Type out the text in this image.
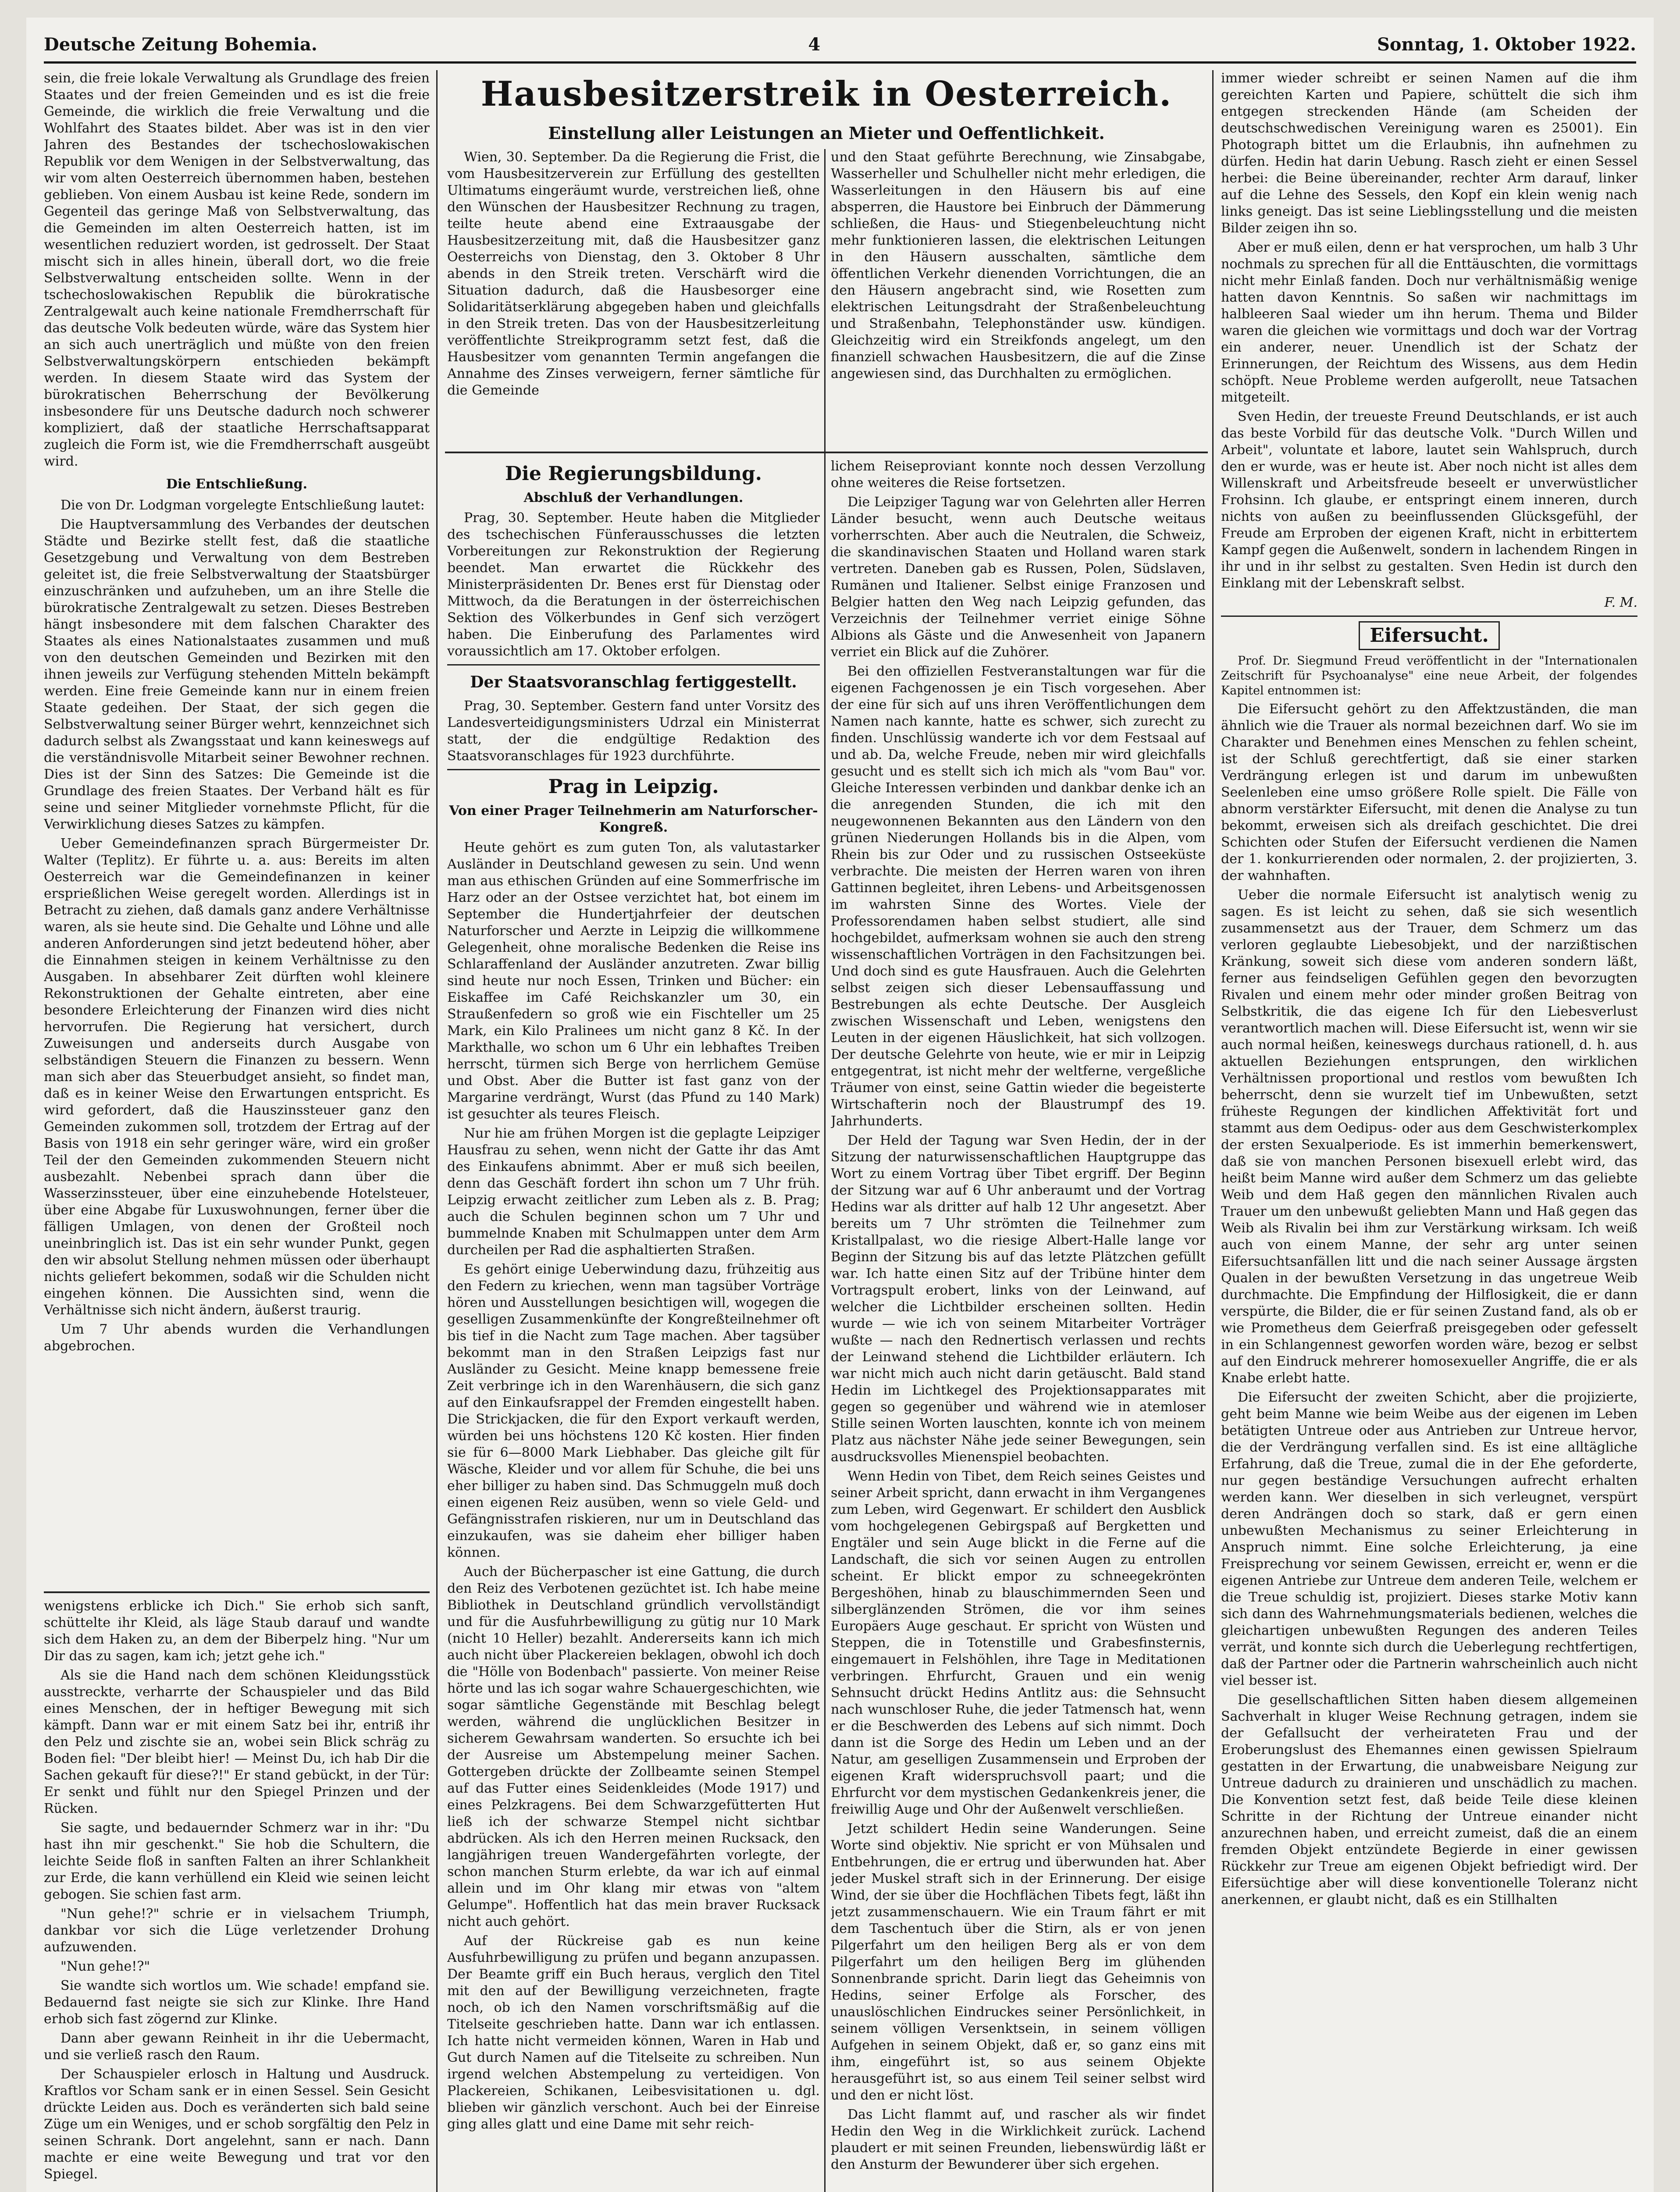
Deutsche Zeitung Bohemia.	4	Sonntag, 1. Oktober 1922.

sein, die freie lokale Verwaltung als Grundlage des freien Staates und der freien Gemeinden und es ist die freie Gemeinde, die wirklich die freie Verwaltung und die Wohlfahrt des Staates bildet. Aber was ist in den vier Jahren des Bestandes der tschechoslowakischen Republik vor dem Wenigen in der Selbstverwaltung, das wir vom alten Oesterreich übernommen haben, bestehen geblieben. Von einem Ausbau ist keine Rede, sondern im Gegenteil das geringe Maß von Selbstverwaltung, das die Gemeinden im alten Oesterreich hatten, ist im wesentlichen reduziert worden, ist gedrosselt. Der Staat mischt sich in alles hinein, überall dort, wo die freie Selbstverwaltung entscheiden sollte. Wenn in der tschechoslowakischen Republik die bürokratische Zentralgewalt auch keine nationale Fremdherrschaft für das deutsche Volk bedeuten würde, wäre das System hier an sich auch unerträglich und müßte von den freien Selbstverwaltungskörpern entschieden bekämpft werden. In diesem Staate wird das System der bürokratischen Beherrschung der Bevölkerung insbesondere für uns Deutsche dadurch noch schwerer kompliziert, daß der staatliche Herrschaftsapparat zugleich die Form ist, wie die Fremdherrschaft ausgeübt wird.

Die Entschließung.

Die von Dr. Lodgman vorgelegte Entschließung lautet:

Die Hauptversammlung des Verbandes der deutschen Städte und Bezirke stellt fest, daß die staatliche Gesetzgebung und Verwaltung von dem Bestreben geleitet ist, die freie Selbstverwaltung der Staatsbürger einzuschränken und aufzuheben, um an ihre Stelle die bürokratische Zentralgewalt zu setzen. Dieses Bestreben hängt insbesondere mit dem falschen Charakter des Staates als eines Nationalstaates zusammen und muß von den deutschen Gemeinden und Bezirken mit den ihnen jeweils zur Verfügung stehenden Mitteln bekämpft werden. Eine freie Gemeinde kann nur in einem freien Staate gedeihen. Der Staat, der sich gegen die Selbstverwaltung seiner Bürger wehrt, kennzeichnet sich dadurch selbst als Zwangsstaat und kann keineswegs auf die verständnisvolle Mitarbeit seiner Bewohner rechnen. Dies ist der Sinn des Satzes: Die Gemeinde ist die Grundlage des freien Staates. Der Verband hält es für seine und seiner Mitglieder vornehmste Pflicht, für die Verwirklichung dieses Satzes zu kämpfen.

Ueber Gemeindefinanzen sprach Bürgermeister Dr. Walter (Teplitz). Er führte u. a. aus: Bereits im alten Oesterreich war die Gemeindefinanzen in keiner ersprießlichen Weise geregelt worden. Allerdings ist in Betracht zu ziehen, daß damals ganz andere Verhältnisse waren, als sie heute sind. Die Gehalte und Löhne und alle anderen Anforderungen sind jetzt bedeutend höher, aber die Einnahmen steigen in keinem Verhältnisse zu den Ausgaben. In absehbarer Zeit dürften wohl kleinere Rekonstruktionen der Gehalte eintreten, aber eine besondere Erleichterung der Finanzen wird dies nicht hervorrufen. Die Regierung hat versichert, durch Zuweisungen und anderseits durch Ausgabe von selbständigen Steuern die Finanzen zu bessern. Wenn man sich aber das Steuerbudget ansieht, so findet man, daß es in keiner Weise den Erwartungen entspricht. Es wird gefordert, daß die Hauszinssteuer ganz den Gemeinden zukommen soll, trotzdem der Ertrag auf der Basis von 1918 ein sehr geringer wäre, wird ein großer Teil der den Gemeinden zukommenden Steuern nicht ausbezahlt. Nebenbei sprach dann über die Wasserzinssteuer, über eine einzuhebende Hotelsteuer, über eine Abgabe für Luxuswohnungen, ferner über die fälligen Umlagen, von denen der Großteil noch uneinbringlich ist. Das ist ein sehr wunder Punkt, gegen den wir absolut Stellung nehmen müssen oder überhaupt nichts geliefert bekommen, sodaß wir die Schulden nicht eingehen können. Die Aussichten sind, wenn die Verhältnisse sich nicht ändern, äußerst traurig.

Um 7 Uhr abends wurden die Verhandlungen abgebrochen.

wenigstens erblicke ich Dich." Sie erhob sich sanft, schüttelte ihr Kleid, als läge Staub darauf und wandte sich dem Haken zu, an dem der Biberpelz hing. "Nur um Dir das zu sagen, kam ich; jetzt gehe ich."

Als sie die Hand nach dem schönen Kleidungsstück ausstreckte, verharrte der Schauspieler und das Bild eines Menschen, der in heftiger Bewegung mit sich kämpft. Dann war er mit einem Satz bei ihr, entriß ihr den Pelz und zischte sie an, wobei sein Blick schräg zu Boden fiel: "Der bleibt hier! — Meinst Du, ich hab Dir die Sachen gekauft für diese?!" Er stand gebückt, in der Tür: Er senkt und fühlt nur den Spiegel Prinzen und der Rücken.

Sie sagte, und bedauernder Schmerz war in ihr: "Du hast ihn mir geschenkt." Sie hob die Schultern, die leichte Seide floß in sanften Falten an ihrer Schlankheit zur Erde, die kann verhüllend ein Kleid wie seinen leicht gebogen. Sie schien fast arm.

"Nun gehe!?" schrie er in vielsachem Triumph, dankbar vor sich die Lüge verletzender Drohung aufzuwenden.

"Nun gehe!?"

Sie wandte sich wortlos um. Wie schade! empfand sie. Bedauernd fast neigte sie sich zur Klinke. Ihre Hand erhob sich fast zögernd zur Klinke.

Dann aber gewann Reinheit in ihr die Uebermacht, und sie verließ rasch den Raum.

Der Schauspieler erlosch in Haltung und Ausdruck. Kraftlos vor Scham sank er in einen Sessel. Sein Gesicht drückte Leiden aus. Doch es veränderten sich bald seine Züge um ein Weniges, und er schob sorgfältig den Pelz in seinen Schrank. Dort angelehnt, sann er nach. Dann machte er eine weite Bewegung und trat vor den Spiegel.

Hausbesitzerstreik in Oesterreich.
Einstellung aller Leistungen an Mieter und Oeffentlichkeit.

Wien, 30. September. Da die Regierung die Frist, die vom Hausbesitzerverein zur Erfüllung des gestellten Ultimatums eingeräumt wurde, verstreichen ließ, ohne den Wünschen der Hausbesitzer Rechnung zu tragen, teilte heute abend eine Extraausgabe der Hausbesitzerzeitung mit, daß die Hausbesitzer ganz Oesterreichs von Dienstag, den 3. Oktober 8 Uhr abends in den Streik treten. Verschärft wird die Situation dadurch, daß die Hausbesorger eine Solidaritätserklärung abgegeben haben und gleichfalls in den Streik treten. Das von der Hausbesitzerleitung veröffentlichte Streikprogramm setzt fest, daß die Hausbesitzer vom genannten Termin angefangen die Annahme des Zinses verweigern, ferner sämtliche für die Gemeinde

und den Staat geführte Berechnung, wie Zinsabgabe, Wasserheller und Schulheller nicht mehr erledigen, die Wasserleitungen in den Häusern bis auf eine absperren, die Haustore bei Einbruch der Dämmerung schließen, die Haus- und Stiegenbeleuchtung nicht mehr funktionieren lassen, die elektrischen Leitungen in den Häusern ausschalten, sämtliche dem öffentlichen Verkehr dienenden Vorrichtungen, die an den Häusern angebracht sind, wie Rosetten zum elektrischen Leitungsdraht der Straßenbeleuchtung und Straßenbahn, Telephonständer usw. kündigen. Gleichzeitig wird ein Streikfonds angelegt, um den finanziell schwachen Hausbesitzern, die auf die Zinse angewiesen sind, das Durchhalten zu ermöglichen.

Die Regierungsbildung.
Abschluß der Verhandlungen.

Prag, 30. September. Heute haben die Mitglieder des tschechischen Fünferausschusses die letzten Vorbereitungen zur Rekonstruktion der Regierung beendet. Man erwartet die Rückkehr des Ministerpräsidenten Dr. Benes erst für Dienstag oder Mittwoch, da die Beratungen in der österreichischen Sektion des Völkerbundes in Genf sich verzögert haben. Die Einberufung des Parlamentes wird voraussichtlich am 17. Oktober erfolgen.

Der Staatsvoranschlag fertiggestellt.

Prag, 30. September. Gestern fand unter Vorsitz des Landesverteidigungsministers Udrzal ein Ministerrat statt, der die endgültige Redaktion des Staatsvoranschlages für 1923 durchführte.

Prag in Leipzig.
Von einer Prager Teilnehmerin am Naturforscher-Kongreß.

Heute gehört es zum guten Ton, als valutastarker Ausländer in Deutschland gewesen zu sein. Und wenn man aus ethischen Gründen auf eine Sommerfrische im Harz oder an der Ostsee verzichtet hat, bot einem im September die Hundertjahrfeier der deutschen Naturforscher und Aerzte in Leipzig die willkommene Gelegenheit, ohne moralische Bedenken die Reise ins Schlaraffenland der Ausländer anzutreten. Zwar billig sind heute nur noch Essen, Trinken und Bücher: ein Eiskaffee im Café Reichskanzler um 30, ein Straußenfedern so groß wie ein Fischteller um 25 Mark, ein Kilo Pralinees um nicht ganz 8 Kč. In der Markthalle, wo schon um 6 Uhr ein lebhaftes Treiben herrscht, türmen sich Berge von herrlichem Gemüse und Obst. Aber die Butter ist fast ganz von der Margarine verdrängt, Wurst (das Pfund zu 140 Mark) ist gesuchter als teures Fleisch.

Nur hie am frühen Morgen ist die geplagte Leipziger Hausfrau zu sehen, wenn nicht der Gatte ihr das Amt des Einkaufens abnimmt. Aber er muß sich beeilen, denn das Geschäft fordert ihn schon um 7 Uhr früh. Leipzig erwacht zeitlicher zum Leben als z. B. Prag; auch die Schulen beginnen schon um 7 Uhr und bummelnde Knaben mit Schulmappen unter dem Arm durcheilen per Rad die asphaltierten Straßen.

Es gehört einige Ueberwindung dazu, frühzeitig aus den Federn zu kriechen, wenn man tagsüber Vorträge hören und Ausstellungen besichtigen will, wogegen die geselligen Zusammenkünfte der Kongreßteilnehmer oft bis tief in die Nacht zum Tage machen. Aber tagsüber bekommt man in den Straßen Leipzigs fast nur Ausländer zu Gesicht. Meine knapp bemessene freie Zeit verbringe ich in den Warenhäusern, die sich ganz auf den Einkaufsrappel der Fremden eingestellt haben. Die Strickjacken, die für den Export verkauft werden, würden bei uns höchstens 120 Kč kosten. Hier finden sie für 6—8000 Mark Liebhaber. Das gleiche gilt für Wäsche, Kleider und vor allem für Schuhe, die bei uns eher billiger zu haben sind. Das Schmuggeln muß doch einen eigenen Reiz ausüben, wenn so viele Geld- und Gefängnisstrafen riskieren, nur um in Deutschland das einzukaufen, was sie daheim eher billiger haben können.

Auch der Bücherpascher ist eine Gattung, die durch den Reiz des Verbotenen gezüchtet ist. Ich habe meine Bibliothek in Deutschland gründlich vervollständigt und für die Ausfuhrbewilligung zu gütig nur 10 Mark (nicht 10 Heller) bezahlt. Andererseits kann ich mich auch nicht über Plackereien beklagen, obwohl ich doch die "Hölle von Bodenbach" passierte. Von meiner Reise hörte und las ich sogar wahre Schauergeschichten, wie sogar sämtliche Gegenstände mit Beschlag belegt werden, während die unglücklichen Besitzer in sicherem Gewahrsam wanderten. So ersuchte ich bei der Ausreise um Abstempelung meiner Sachen. Gottergeben drückte der Zollbeamte seinen Stempel auf das Futter eines Seidenkleides (Mode 1917) und eines Pelzkragens. Bei dem Schwarzgefütterten Hut ließ ich der schwarze Stempel nicht sichtbar abdrücken. Als ich den Herren meinen Rucksack, den langjährigen treuen Wandergefährten vorlegte, der schon manchen Sturm erlebte, da war ich auf einmal allein und im Ohr klang mir etwas von "altem Gelumpe". Hoffentlich hat das mein braver Rucksack nicht auch gehört.

Auf der Rückreise gab es nun keine Ausfuhrbewilligung zu prüfen und begann anzupassen. Der Beamte griff ein Buch heraus, verglich den Titel mit den auf der Bewilligung verzeichneten, fragte noch, ob ich den Namen vorschriftsmäßig auf die Titelseite geschrieben hatte. Dann war ich entlassen. Ich hatte nicht vermeiden können, Waren in Hab und Gut durch Namen auf die Titelseite zu schreiben. Nun irgend welchen Abstempelung zu verteidigen. Von Plackereien, Schikanen, Leibesvisitationen u. dgl. blieben wir gänzlich verschont. Auch bei der Einreise ging alles glatt und eine Dame mit sehr reich-

lichem Reiseproviant konnte noch dessen Verzollung ohne weiteres die Reise fortsetzen.

Die Leipziger Tagung war von Gelehrten aller Herren Länder besucht, wenn auch Deutsche weitaus vorherrschten. Aber auch die Neutralen, die Schweiz, die skandinavischen Staaten und Holland waren stark vertreten. Daneben gab es Russen, Polen, Südslaven, Rumänen und Italiener. Selbst einige Franzosen und Belgier hatten den Weg nach Leipzig gefunden, das Verzeichnis der Teilnehmer verriet einige Söhne Albions als Gäste und die Anwesenheit von Japanern verriet ein Blick auf die Zuhörer.

Bei den offiziellen Festveranstaltungen war für die eigenen Fachgenossen je ein Tisch vorgesehen. Aber der eine für sich auf uns ihren Veröffentlichungen dem Namen nach kannte, hatte es schwer, sich zurecht zu finden. Unschlüssig wanderte ich vor dem Festsaal auf und ab. Da, welche Freude, neben mir wird gleichfalls gesucht und es stellt sich ich mich als "vom Bau" vor. Gleiche Interessen verbinden und dankbar denke ich an die anregenden Stunden, die ich mit den neugewonnenen Bekannten aus den Ländern von den grünen Niederungen Hollands bis in die Alpen, vom Rhein bis zur Oder und zu russischen Ostseeküste verbrachte. Die meisten der Herren waren von ihren Gattinnen begleitet, ihren Lebens- und Arbeitsgenossen im wahrsten Sinne des Wortes. Viele der Professorendamen haben selbst studiert, alle sind hochgebildet, aufmerksam wohnen sie auch den streng wissenschaftlichen Vorträgen in den Fachsitzungen bei. Und doch sind es gute Hausfrauen. Auch die Gelehrten selbst zeigen sich dieser Lebensauffassung und Bestrebungen als echte Deutsche. Der Ausgleich zwischen Wissenschaft und Leben, wenigstens den Leuten in der eigenen Häuslichkeit, hat sich vollzogen. Der deutsche Gelehrte von heute, wie er mir in Leipzig entgegentrat, ist nicht mehr der weltferne, vergeßliche Träumer von einst, seine Gattin wieder die begeisterte Wirtschafterin noch der Blaustrumpf des 19. Jahrhunderts.

Der Held der Tagung war Sven Hedin, der in der Sitzung der naturwissenschaftlichen Hauptgruppe das Wort zu einem Vortrag über Tibet ergriff. Der Beginn der Sitzung war auf 6 Uhr anberaumt und der Vortrag Hedins war als dritter auf halb 12 Uhr angesetzt. Aber bereits um 7 Uhr strömten die Teilnehmer zum Kristallpalast, wo die riesige Albert-Halle lange vor Beginn der Sitzung bis auf das letzte Plätzchen gefüllt war. Ich hatte einen Sitz auf der Tribüne hinter dem Vortragspult erobert, links von der Leinwand, auf welcher die Lichtbilder erscheinen sollten. Hedin wurde — wie ich von seinem Mitarbeiter Vorträger wußte — nach den Rednertisch verlassen und rechts der Leinwand stehend die Lichtbilder erläutern. Ich war nicht mich auch nicht darin getäuscht. Bald stand Hedin im Lichtkegel des Projektionsapparates mit gegen so gegenüber und während wie in atemloser Stille seinen Worten lauschten, konnte ich von meinem Platz aus nächster Nähe jede seiner Bewegungen, sein ausdrucksvolles Mienenspiel beobachten.

Wenn Hedin von Tibet, dem Reich seines Geistes und seiner Arbeit spricht, dann erwacht in ihm Vergangenes zum Leben, wird Gegenwart. Er schildert den Ausblick vom hochgelegenen Gebirgspaß auf Bergketten und Engtäler und sein Auge blickt in die Ferne auf die Landschaft, die sich vor seinen Augen zu entrollen scheint. Er blickt empor zu schneegekrönten Bergeshöhen, hinab zu blauschimmernden Seen und silberglänzenden Strömen, die vor ihm seines Europäers Auge geschaut. Er spricht von Wüsten und Steppen, die in Totenstille und Grabesfinsternis, eingemauert in Felshöhlen, ihre Tage in Meditationen verbringen. Ehrfurcht, Grauen und ein wenig Sehnsucht drückt Hedins Antlitz aus: die Sehnsucht nach wunschloser Ruhe, die jeder Tatmensch hat, wenn er die Beschwerden des Lebens auf sich nimmt. Doch dann ist die Sorge des Hedin um Leben und an der Natur, am geselligen Zusammensein und Erproben der eigenen Kraft widerspruchsvoll paart; und die Ehrfurcht vor dem mystischen Gedankenkreis jener, die freiwillig Auge und Ohr der Außenwelt verschließen.

Jetzt schildert Hedin seine Wanderungen. Seine Worte sind objektiv. Nie spricht er von Mühsalen und Entbehrungen, die er ertrug und überwunden hat. Aber jeder Muskel straft sich in der Erinnerung. Der eisige Wind, der sie über die Hochflächen Tibets fegt, läßt ihn jetzt zusammenschauern. Wie ein Traum fährt er mit dem Taschentuch über die Stirn, als er von jenen Pilgerfahrt um den heiligen Berg als er von dem Pilgerfahrt um den heiligen Berg im glühenden Sonnenbrande spricht. Darin liegt das Geheimnis von Hedins, seiner Erfolge als Forscher, des unauslöschlichen Eindruckes seiner Persönlichkeit, in seinem völligen Versenktsein, in seinem völligen Aufgehen in seinem Objekt, daß er, so ganz eins mit ihm, eingeführt ist, so aus seinem Objekte herausgeführt ist, so aus einem Teil seiner selbst wird und den er nicht löst.

Das Licht flammt auf, und rascher als wir findet Hedin den Weg in die Wirklichkeit zurück. Lachend plaudert er mit seinen Freunden, liebenswürdig läßt er den Ansturm der Bewunderer über sich ergehen.

immer wieder schreibt er seinen Namen auf die ihm gereichten Karten und Papiere, schüttelt die sich ihm entgegen streckenden Hände (am Scheiden der deutschschwedischen Vereinigung waren es 25001). Ein Photograph bittet um die Erlaubnis, ihn aufnehmen zu dürfen. Hedin hat darin Uebung. Rasch zieht er einen Sessel herbei: die Beine übereinander, rechter Arm darauf, linker auf die Lehne des Sessels, den Kopf ein klein wenig nach links geneigt. Das ist seine Lieblingsstellung und die meisten Bilder zeigen ihn so.

Aber er muß eilen, denn er hat versprochen, um halb 3 Uhr nochmals zu sprechen für all die Enttäuschten, die vormittags nicht mehr Einlaß fanden. Doch nur verhältnismäßig wenige hatten davon Kenntnis. So saßen wir nachmittags im halbleeren Saal wieder um ihn herum. Thema und Bilder waren die gleichen wie vormittags und doch war der Vortrag ein anderer, neuer. Unendlich ist der Schatz der Erinnerungen, der Reichtum des Wissens, aus dem Hedin schöpft. Neue Probleme werden aufgerollt, neue Tatsachen mitgeteilt.

Sven Hedin, der treueste Freund Deutschlands, er ist auch das beste Vorbild für das deutsche Volk. "Durch Willen und Arbeit", voluntate et labore, lautet sein Wahlspruch, durch den er wurde, was er heute ist. Aber noch nicht ist alles dem Willenskraft und Arbeitsfreude beseelt er unverwüstlicher Frohsinn. Ich glaube, er entspringt einem inneren, durch nichts von außen zu beeinflussenden Glücksgefühl, der Freude am Erproben der eigenen Kraft, nicht in erbittertem Kampf gegen die Außenwelt, sondern in lachendem Ringen in ihr und in ihr selbst zu gestalten. Sven Hedin ist durch den Einklang mit der Lebenskraft selbst.

F. M.
Eifersucht.

Prof. Dr. Siegmund Freud veröffentlicht in der "Internationalen Zeitschrift für Psychoanalyse" eine neue Arbeit, der folgendes Kapitel entnommen ist:

Die Eifersucht gehört zu den Affektzuständen, die man ähnlich wie die Trauer als normal bezeichnen darf. Wo sie im Charakter und Benehmen eines Menschen zu fehlen scheint, ist der Schluß gerechtfertigt, daß sie einer starken Verdrängung erlegen ist und darum im unbewußten Seelenleben eine umso größere Rolle spielt. Die Fälle von abnorm verstärkter Eifersucht, mit denen die Analyse zu tun bekommt, erweisen sich als dreifach geschichtet. Die drei Schichten oder Stufen der Eifersucht verdienen die Namen der 1. konkurrierenden oder normalen, 2. der projizierten, 3. der wahnhaften.

Ueber die normale Eifersucht ist analytisch wenig zu sagen. Es ist leicht zu sehen, daß sie sich wesentlich zusammensetzt aus der Trauer, dem Schmerz um das verloren geglaubte Liebesobjekt, und der narzißtischen Kränkung, soweit sich diese vom anderen sondern läßt, ferner aus feindseligen Gefühlen gegen den bevorzugten Rivalen und einem mehr oder minder großen Beitrag von Selbstkritik, die das eigene Ich für den Liebesverlust verantwortlich machen will. Diese Eifersucht ist, wenn wir sie auch normal heißen, keineswegs durchaus rationell, d. h. aus aktuellen Beziehungen entsprungen, den wirklichen Verhältnissen proportional und restlos vom bewußten Ich beherrscht, denn sie wurzelt tief im Unbewußten, setzt früheste Regungen der kindlichen Affektivität fort und stammt aus dem Oedipus- oder aus dem Geschwisterkomplex der ersten Sexualperiode. Es ist immerhin bemerkenswert, daß sie von manchen Personen bisexuell erlebt wird, das heißt beim Manne wird außer dem Schmerz um das geliebte Weib und dem Haß gegen den männlichen Rivalen auch Trauer um den unbewußt geliebten Mann und Haß gegen das Weib als Rivalin bei ihm zur Verstärkung wirksam. Ich weiß auch von einem Manne, der sehr arg unter seinen Eifersuchtsanfällen litt und die nach seiner Aussage ärgsten Qualen in der bewußten Versetzung in das ungetreue Weib durchmachte. Die Empfindung der Hilflosigkeit, die er dann verspürte, die Bilder, die er für seinen Zustand fand, als ob er wie Prometheus dem Geierfraß preisgegeben oder gefesselt in ein Schlangennest geworfen worden wäre, bezog er selbst auf den Eindruck mehrerer homosexueller Angriffe, die er als Knabe erlebt hatte.

Die Eifersucht der zweiten Schicht, aber die projizierte, geht beim Manne wie beim Weibe aus der eigenen im Leben betätigten Untreue oder aus Antrieben zur Untreue hervor, die der Verdrängung verfallen sind. Es ist eine alltägliche Erfahrung, daß die Treue, zumal die in der Ehe geforderte, nur gegen beständige Versuchungen aufrecht erhalten werden kann. Wer dieselben in sich verleugnet, verspürt deren Andrängen doch so stark, daß er gern einen unbewußten Mechanismus zu seiner Erleichterung in Anspruch nimmt. Eine solche Erleichterung, ja eine Freisprechung vor seinem Gewissen, erreicht er, wenn er die eigenen Antriebe zur Untreue dem anderen Teile, welchem er die Treue schuldig ist, projiziert. Dieses starke Motiv kann sich dann des Wahrnehmungsmaterials bedienen, welches die gleichartigen unbewußten Regungen des anderen Teiles verrät, und konnte sich durch die Ueberlegung rechtfertigen, daß der Partner oder die Partnerin wahrscheinlich auch nicht viel besser ist.

Die gesellschaftlichen Sitten haben diesem allgemeinen Sachverhalt in kluger Weise Rechnung getragen, indem sie der Gefallsucht der verheirateten Frau und der Eroberungslust des Ehemannes einen gewissen Spielraum gestatten in der Erwartung, die unabweisbare Neigung zur Untreue dadurch zu drainieren und unschädlich zu machen. Die Konvention setzt fest, daß beide Teile diese kleinen Schritte in der Richtung der Untreue einander nicht anzurechnen haben, und erreicht zumeist, daß die an einem fremden Objekt entzündete Begierde in einer gewissen Rückkehr zur Treue am eigenen Objekt befriedigt wird. Der Eifersüchtige aber will diese konventionelle Toleranz nicht anerkennen, er glaubt nicht, daß es ein Stillhalten
